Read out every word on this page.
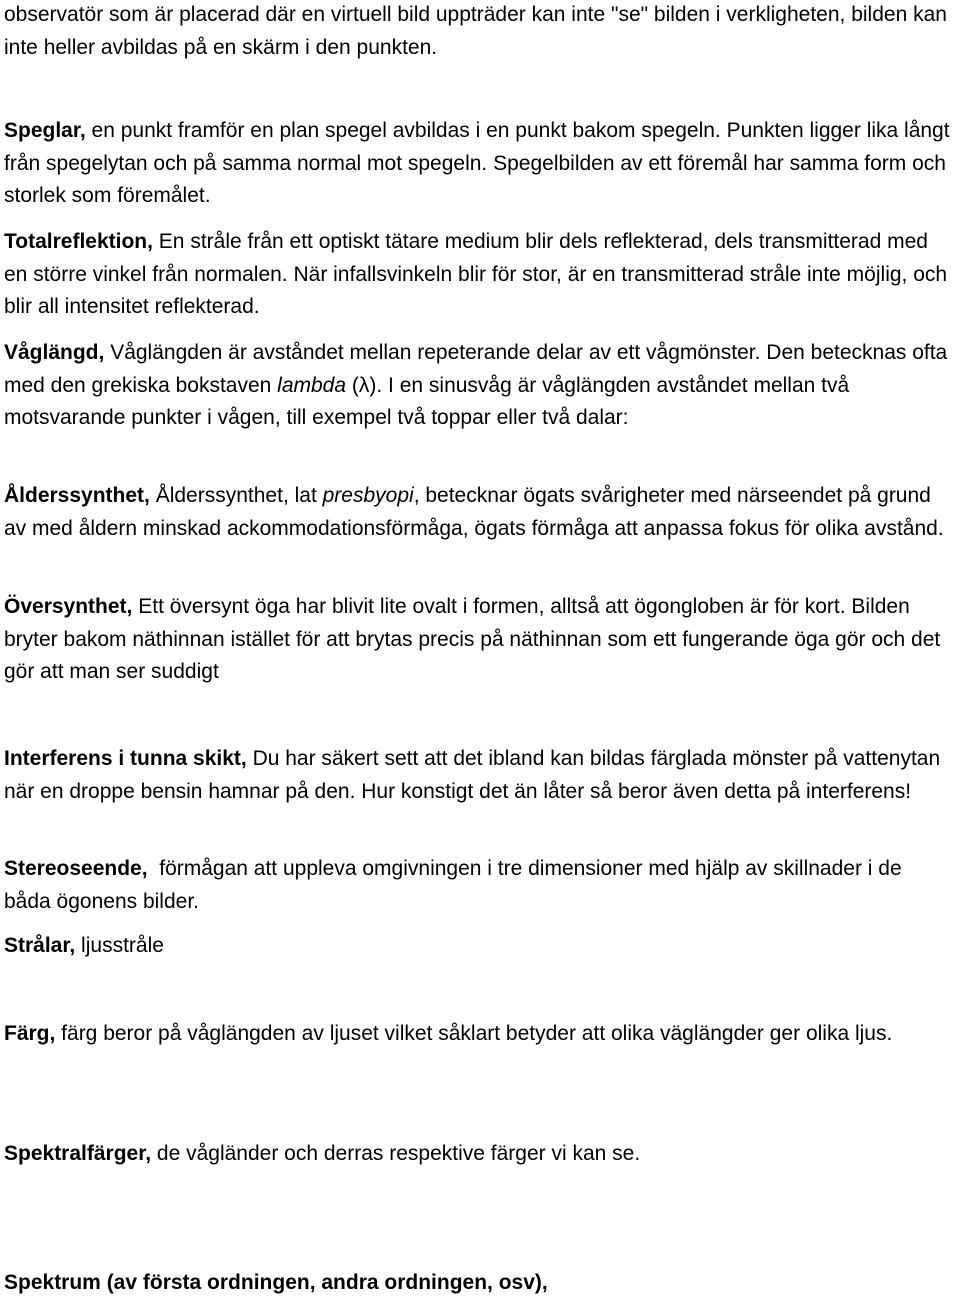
observatör som är placerad där en virtuell bild uppträder kan inte "se" bilden i verkligheten, bilden kan inte heller avbildas på en skärm i den punkten.

Speglar, en punkt framför en plan spegel avbildas i en punkt bakom spegeln. Punkten ligger lika långt från spegelytan och på samma normal mot spegeln. Spegelbilden av ett föremål har samma form och storlek som föremålet.

Totalreflektion, En stråle från ett optiskt tätare medium blir dels reflekterad, dels transmitterad med en större vinkel från normalen. När infallsvinkeln blir för stor, är en transmitterad stråle inte möjlig, och blir all intensitet reflekterad.

Våglängd, Våglängden är avståndet mellan repeterande delar av ett vågmönster. Den betecknas ofta med den grekiska bokstaven lambda (λ). I en sinusvåg är våglängden avståndet mellan två motsvarande punkter i vågen, till exempel två toppar eller två dalar:

Ålderssynthet, Ålderssynthet, lat presbyopi, betecknar ögats svårigheter med närseendet på grund av med åldern minskad ackommodationsförmåga, ögats förmåga att anpassa fokus för olika avstånd.

Översynthet, Ett översynt öga har blivit lite ovalt i formen, alltså att ögongloben är för kort. Bilden bryter bakom näthinnan istället för att brytas precis på näthinnan som ett fungerande öga gör och det gör att man ser suddigt

Interferens i tunna skikt, Du har säkert sett att det ibland kan bildas färglada mönster på vattenytan när en droppe bensin hamnar på den. Hur konstigt det än låter så beror även detta på interferens!

Stereoseende,  förmågan att uppleva omgivningen i tre dimensioner med hjälp av skillnader i de båda ögonens bilder.

Strålar, ljusstråle

Färg, färg beror på våglängden av ljuset vilket såklart betyder att olika väglängder ger olika ljus.

Spektralfärger, de vågländer och derras respektive färger vi kan se.

Spektrum (av första ordningen, andra ordningen, osv),
